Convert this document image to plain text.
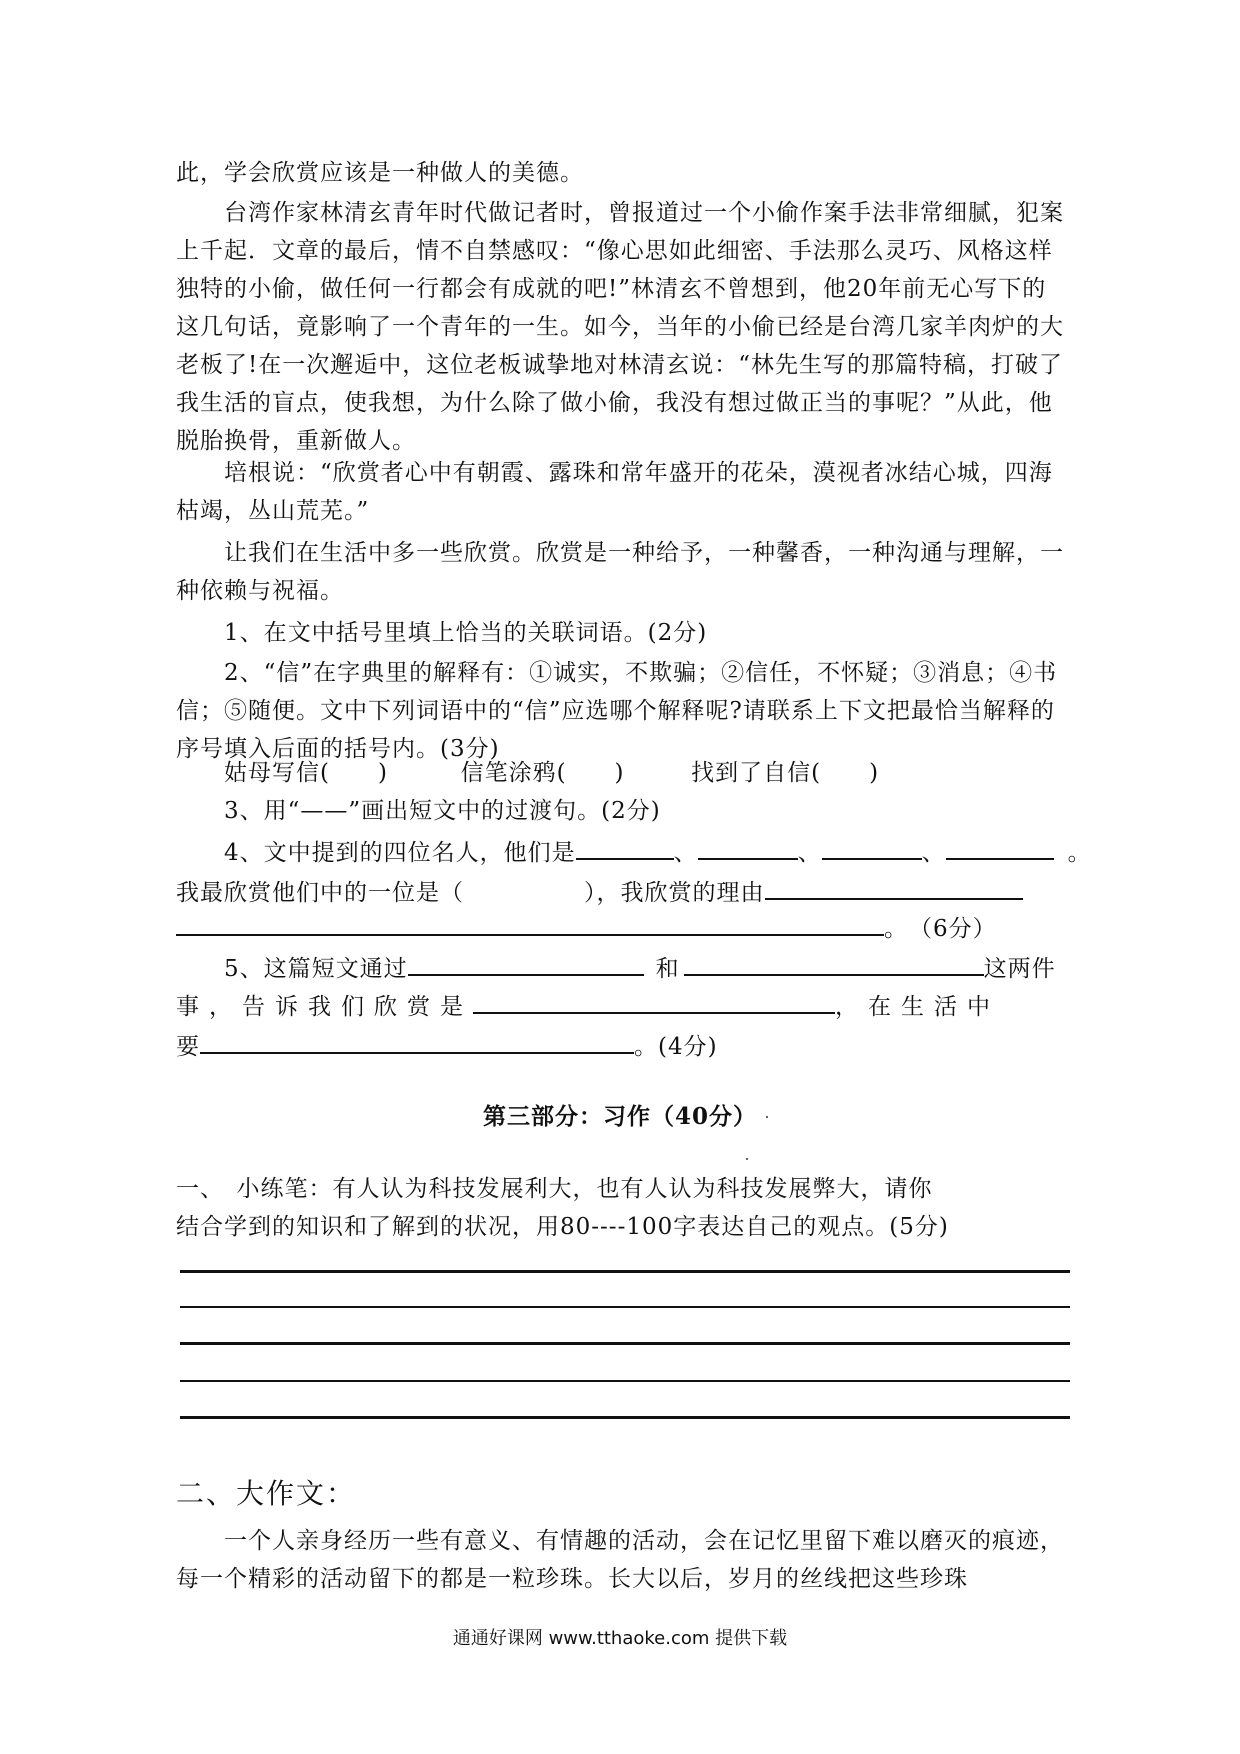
此，学会欣赏应该是一种做人的美德。

台湾作家林清玄青年时代做记者时，曾报道过一个小偷作案手法非常细腻，犯案上千起．文章的最后，情不自禁感叹：“像心思如此细密、手法那么灵巧、风格这样独特的小偷，做任何一行都会有成就的吧!”林清玄不曾想到，他20年前无心写下的这几句话，竟影响了一个青年的一生。如今，当年的小偷已经是台湾几家羊肉炉的大老板了!在一次邂逅中，这位老板诚挚地对林清玄说：“林先生写的那篇特稿，打破了我生活的盲点，使我想，为什么除了做小偷，我没有想过做正当的事呢？”从此，他脱胎换骨，重新做人。

培根说：“欣赏者心中有朝霞、露珠和常年盛开的花朵，漠视者冰结心城，四海枯竭，丛山荒芜。”

让我们在生活中多一些欣赏。欣赏是一种给予，一种馨香，一种沟通与理解，一种依赖与祝福。

1、在文中括号里填上恰当的关联词语。(2分)

2、“信”在字典里的解释有：①诚实，不欺骗；②信任，不怀疑；③消息；④书信；⑤随便。文中下列词语中的“信”应选哪个解释呢?请联系上下文把最恰当解释的序号填入后面的括号内。(3分)

姑母写信(　　)	信笔涂鸦(　　)	找到了自信(　　)
3、用“——”画出短文中的过渡句。(2分)
4、文中提到的四位名人，他们是	、	、	、	。
我最欣赏他们中的一位是（	），我欣赏的理由
。　（6分）
5、这篇短文通过	和	这两件
事，告诉我们欣赏是	，在生活中
要	。(4分)
第三部分：习作（40分）
一、　小练笔：有人认为科技发展利大，也有人认为科技发展弊大，请你
结合学到的知识和了解到的状况，用80----100字表达自己的观点。(5分)
二、大作文：

一个人亲身经历一些有意义、有情趣的活动，会在记忆里留下难以磨灭的痕迹，每一个精彩的活动留下的都是一粒珍珠。长大以后，岁月的丝线把这些珍珠

通通好课网 www.tthaoke.com 提供下载
